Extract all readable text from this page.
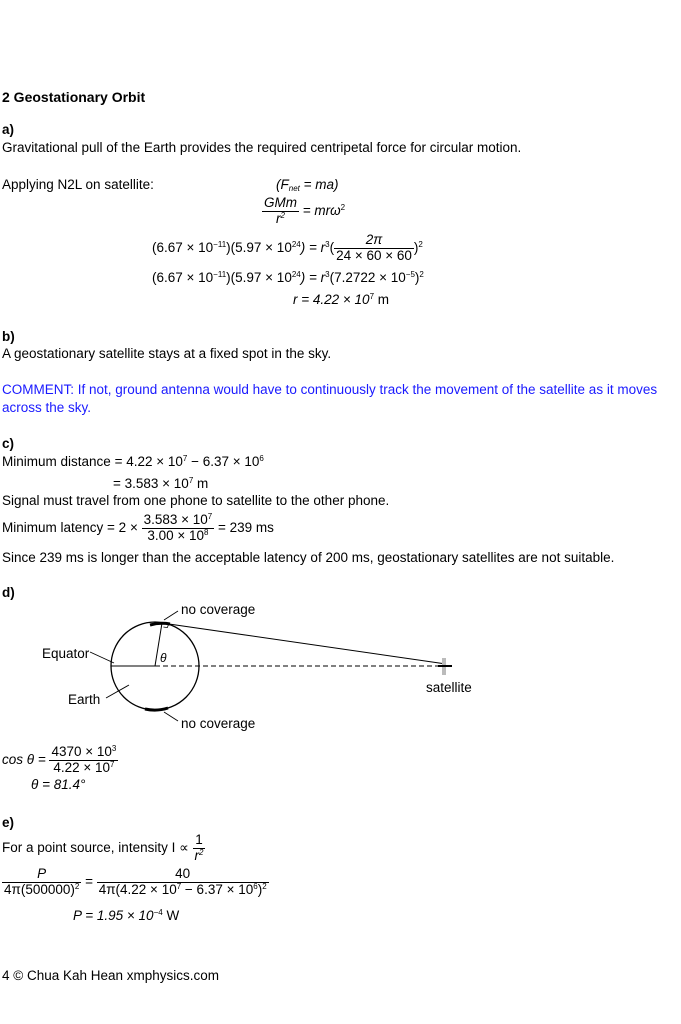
2 Geostationary Orbit
a)
Gravitational pull of the Earth provides the required centripetal force for circular motion.
Applying N2L on satellite:	$(F_{net} = ma)$
$\frac{\text{GMm}}{r^2} = mr\omega^2$
$(6.67 \times 10^{-11})(5.97 \times 10^{24}) = r^3( \frac{2\pi}{24 \times 60 \times 60} )^2$
$(6.67 \times 10^{-11})(5.97 \times 10^{24}) = r^3(7.2722 \times 10^{-5})^2$
$r = 4.22 \times 10^7$ m
b)
A geostationary satellite stays at a fixed spot in the sky.
COMMENT: If not, ground antenna would have to continuously track the movement of the satellite as it moves across the sky.
c)
Minimum distance = $4.22 \times 10^7 - 6.37 \times 10^6$
= $3.583 \times 10^7$ m
Signal must travel from one phone to satellite to the other phone.
Minimum latency = $2 \times \frac{3.583 \times 10^7}{3.00 \times 10^8} = 239$ ms
Since 239 ms is longer than the acceptable latency of 200 ms, geostationary satellites are not suitable.
d)
no coverage
no coverage
Equator
Earth
satellite
θ
$\cos \theta = \frac{4370 \times 10^3}{4.22 \times 10^7}$
θ = 81.4°
e)
For a point source, intensity $I \propto \frac{1}{r^2}$
$\frac{P}{4\pi(500000)^2} = \frac{40}{4\pi(4.22 \times 10^7 - 6.37 \times 10^6)^2}$
$P = 1.95 \times 10^{-4}$ W
4 © Chua Kah Hean xmphysics.com
